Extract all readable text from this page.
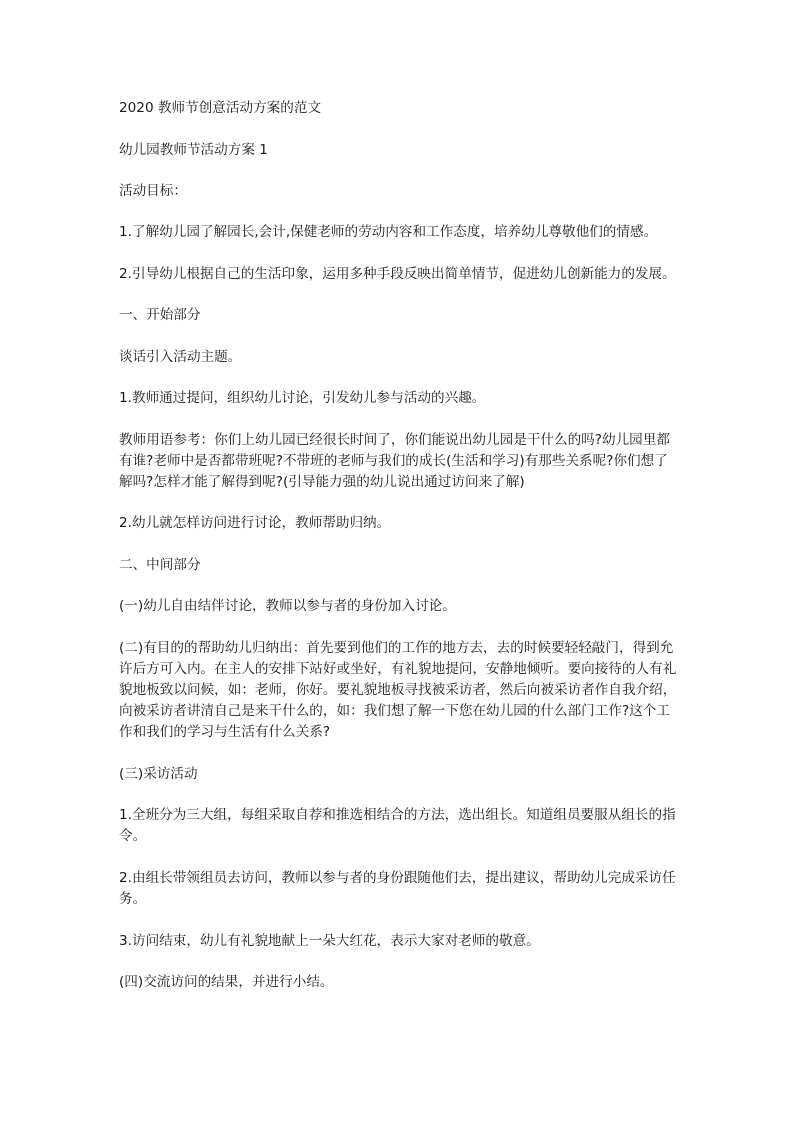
2020 教师节创意活动方案的范文

幼儿园教师节活动方案 1

活动目标：

1.了解幼儿园了解园长,会计,保健老师的劳动内容和工作态度，培养幼儿尊敬他们的情感。

2.引导幼儿根据自己的生活印象，运用多种手段反映出简单情节，促进幼儿创新能力的发展。

一、开始部分

谈话引入活动主题。

1.教师通过提问，组织幼儿讨论，引发幼儿参与活动的兴趣。

教师用语参考：你们上幼儿园已经很长时间了，你们能说出幼儿园是干什么的吗?幼儿园里都有谁?老师中是否都带班呢?不带班的老师与我们的成长(生活和学习)有那些关系呢?你们想了解吗?怎样才能了解得到呢?(引导能力强的幼儿说出通过访问来了解)

2.幼儿就怎样访问进行讨论，教师帮助归纳。

二、中间部分

(一)幼儿自由结伴讨论，教师以参与者的身份加入讨论。

(二)有目的的帮助幼儿归纳出：首先要到他们的工作的地方去，去的时候要轻轻敲门，得到允许后方可入内。在主人的安排下站好或坐好，有礼貌地提问，安静地倾听。要向接待的人有礼貌地板致以问候，如：老师，你好。要礼貌地板寻找被采访者，然后向被采访者作自我介绍，向被采访者讲清自己是来干什么的，如：我们想了解一下您在幼儿园的什么部门工作?这个工作和我们的学习与生活有什么关系?

(三)采访活动

1.全班分为三大组，每组采取自荐和推选相结合的方法，选出组长。知道组员要服从组长的指令。

2.由组长带领组员去访问，教师以参与者的身份跟随他们去，提出建议，帮助幼儿完成采访任务。

3.访问结束，幼儿有礼貌地献上一朵大红花，表示大家对老师的敬意。

(四)交流访问的结果，并进行小结。
